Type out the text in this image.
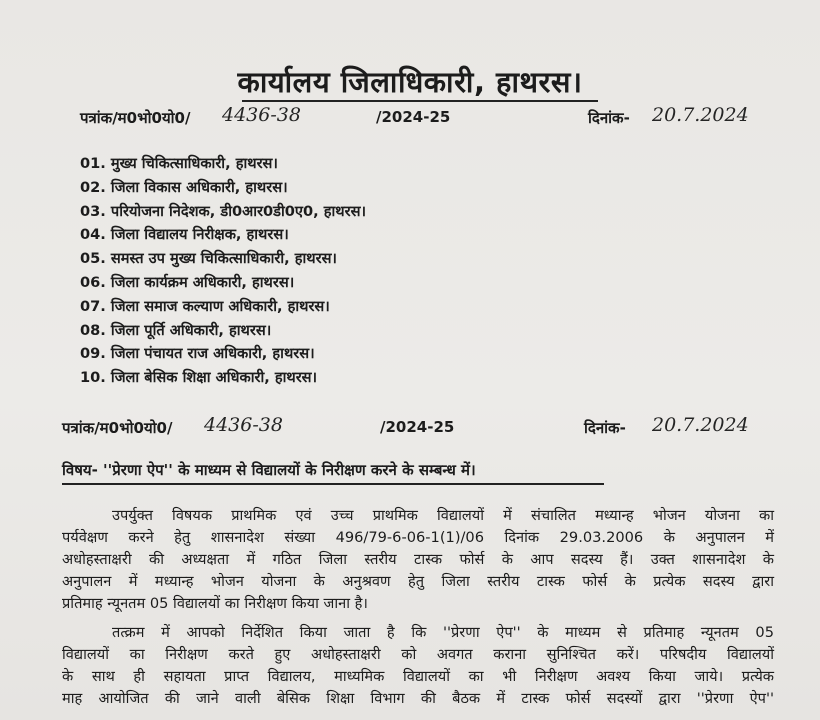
कार्यालय जिलाधिकारी, हाथरस।
पत्रांक/म0भो0यो0/ 4436-38	/2024-25	दिनांक- 20.7.2024
01. मुख्य चिकित्साधिकारी, हाथरस।
02. जिला विकास अधिकारी, हाथरस।
03. परियोजना निदेशक, डी0आर0डी0ए0, हाथरस।
04. जिला विद्यालय निरीक्षक, हाथरस।
05. समस्त उप मुख्य चिकित्साधिकारी, हाथरस।
06. जिला कार्यक्रम अधिकारी, हाथरस।
07. जिला समाज कल्याण अधिकारी, हाथरस।
08. जिला पूर्ति अधिकारी, हाथरस।
09. जिला पंचायत राज अधिकारी, हाथरस।
10. जिला बेसिक शिक्षा अधिकारी, हाथरस।
पत्रांक/म0भो0यो0/ 4436-38	/2024-25	दिनांक- 20.7.2024
विषय- ''प्रेरणा ऐप'' के माध्यम से विद्यालयों के निरीक्षण करने के सम्बन्ध में।
उपर्युक्त विषयक प्राथमिक एवं उच्च प्राथमिक विद्यालयों में संचालित मध्यान्ह भोजन योजना का
पर्यवेक्षण करने हेतु शासनादेश संख्या 496/79-6-06-1(1)/06 दिनांक 29.03.2006 के अनुपालन में
अधोहस्ताक्षरी की अध्यक्षता में गठित जिला स्तरीय टास्क फोर्स के आप सदस्य हैं। उक्त शासनादेश के
अनुपालन में मध्यान्ह भोजन योजना के अनुश्रवण हेतु जिला स्तरीय टास्क फोर्स के प्रत्येक सदस्य द्वारा
प्रतिमाह न्यूनतम 05 विद्यालयों का निरीक्षण किया जाना है।
तत्क्रम में आपको निर्देशित किया जाता है कि ''प्रेरणा ऐप'' के माध्यम से प्रतिमाह न्यूनतम 05
विद्यालयों का निरीक्षण करते हुए अधोहस्ताक्षरी को अवगत कराना सुनिश्चित करें। परिषदीय विद्यालयों
के साथ ही सहायता प्राप्त विद्यालय, माध्यमिक विद्यालयों का भी निरीक्षण अवश्य किया जाये। प्रत्येक
माह आयोजित की जाने वाली बेसिक शिक्षा विभाग की बैठक में टास्क फोर्स सदस्यों द्वारा ''प्रेरणा ऐप''
